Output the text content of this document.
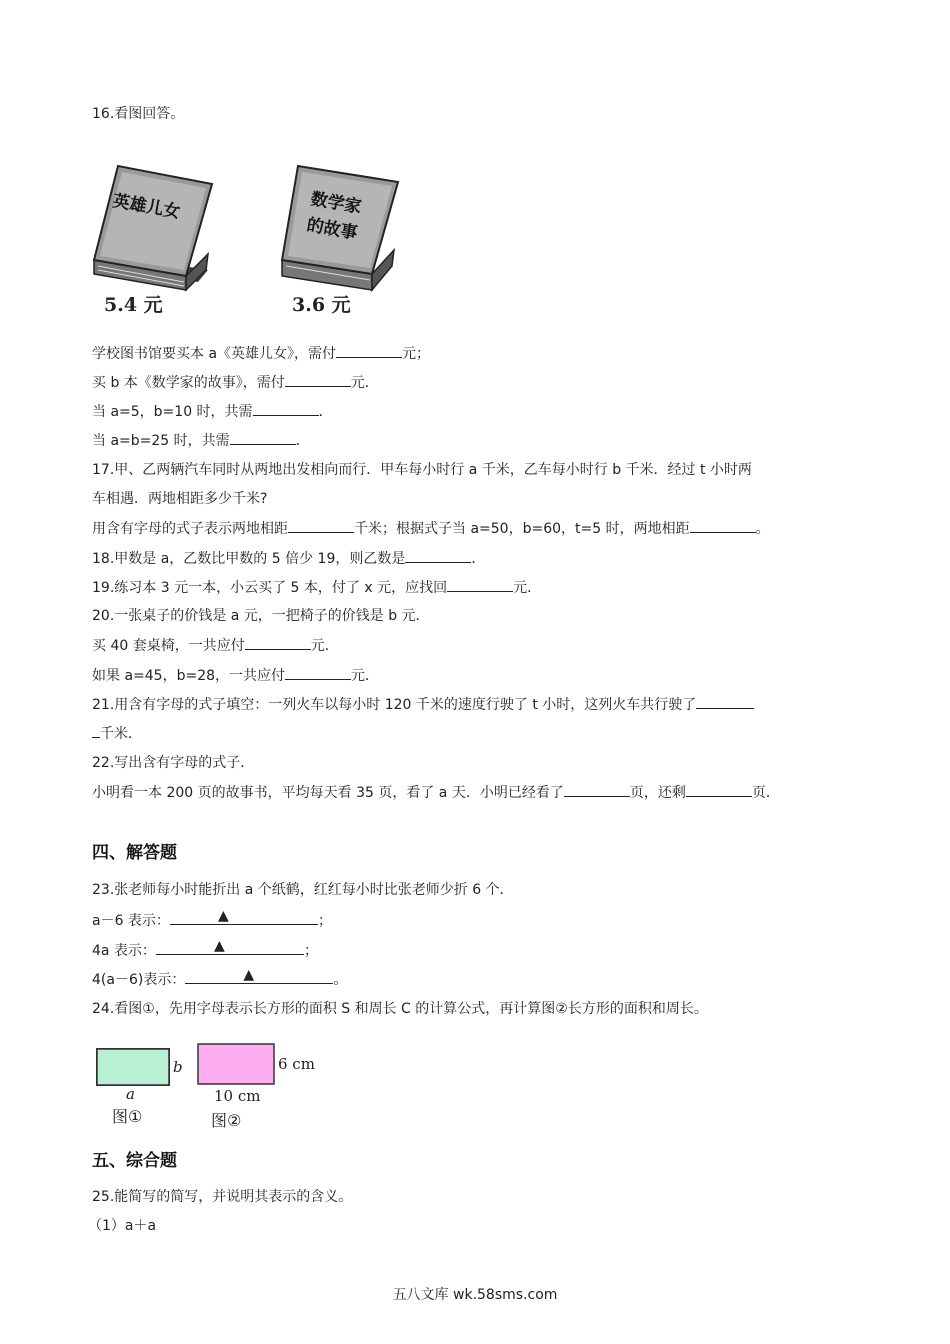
16.看图回答。
英雄儿女
5.4 元
数学家
的故事
3.6 元
学校图书馆要买本 a《英雄儿女》，需付	元；
买 b 本《数学家的故事》，需付	元．
当 a=5，b=10 时，共需	．
当 a=b=25 时，共需	．
17.甲、乙两辆汽车同时从两地出发相向而行．甲车每小时行 a 千米，乙车每小时行 b 千米．经过 t 小时两
车相遇．两地相距多少千米?
用含有字母的式子表示两地相距	千米；根据式子当 a=50，b=60，t=5 时，两地相距	。
18.甲数是 a，乙数比甲数的 5 倍少 19，则乙数是	．
19.练习本 3 元一本，小云买了 5 本，付了 x 元，应找回	元．
20.一张桌子的价钱是 a 元，一把椅子的价钱是 b 元．
买 40 套桌椅，一共应付	元．
如果 a=45，b=28，一共应付	元．
21.用含有字母的式子填空：一列火车以每小时 120 千米的速度行驶了 t 小时，这列火车共行驶了
千米．
22.写出含有字母的式子．
小明看一本 200 页的故事书，平均每天看 35 页，看了 a 天．小明已经看了	页，还剩	页．
四、解答题
23.张老师每小时能折出 a 个纸鹤，红红每小时比张老师少折 6 个．
a－6 表示：	▲	；
4a 表示：	▲	；
4(a－6)表示：	▲	。
24.看图①，先用字母表示长方形的面积 S 和周长 C 的计算公式，再计算图②长方形的面积和周长。
b
a
图①
6 cm
10 cm
图②
五、综合题
25.能简写的简写，并说明其表示的含义。
（1）a＋a
五八文库 wk.58sms.com
